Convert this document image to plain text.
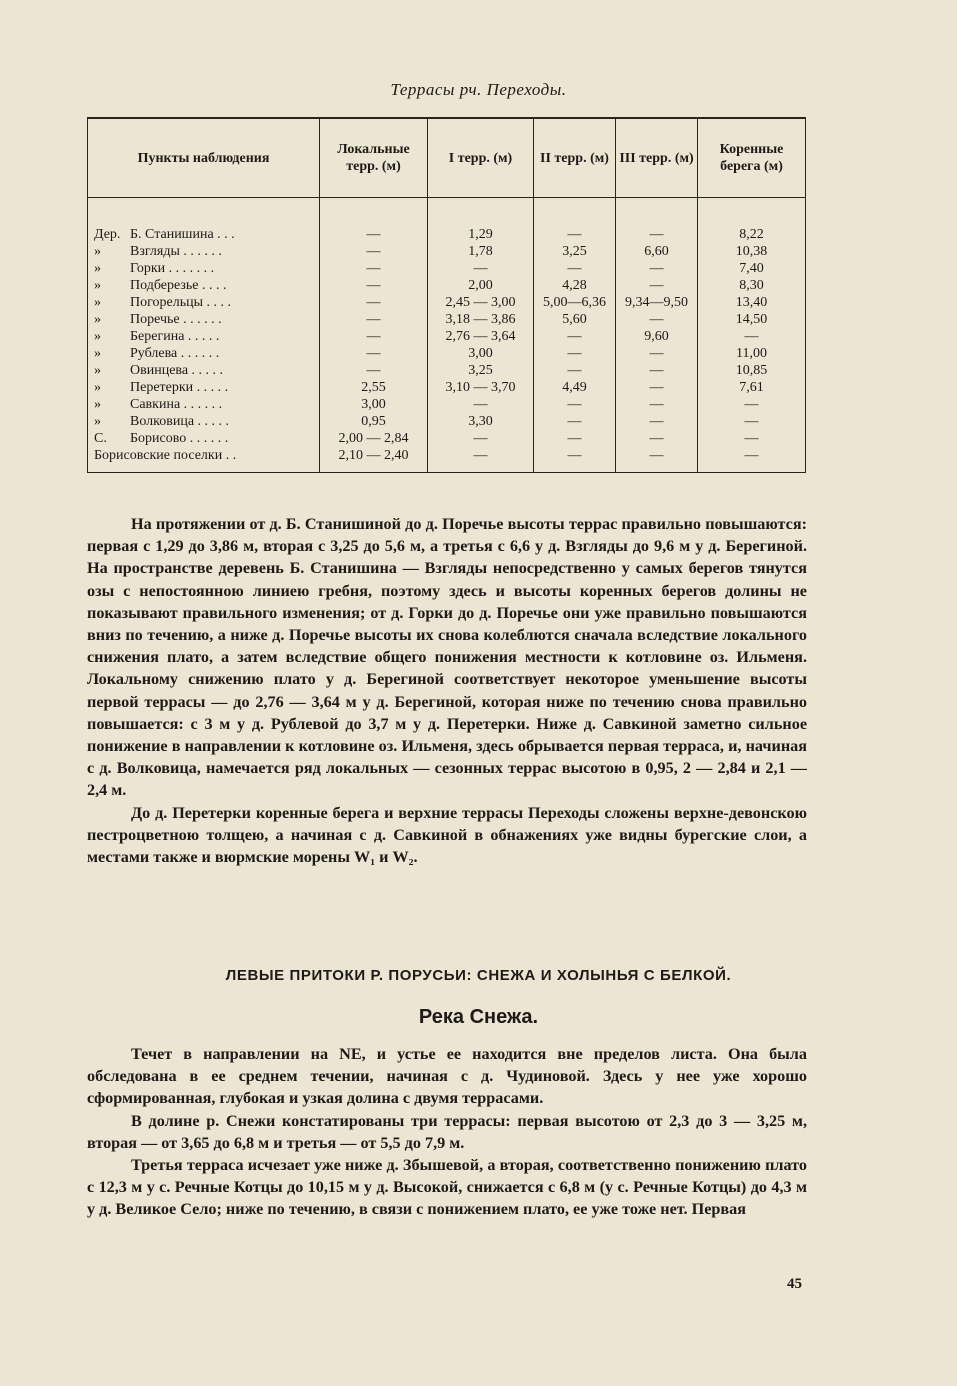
Террасы рч. Переходы.
Пункты наблюдения	Локальные терр. (м)	I терр. (м)	II терр. (м)	III терр. (м)	Коренные берега (м)

Дер. Б. Станишина . . .	—	1,29	—	—	8,22
» Взгляды . . . . . .	—	1,78	3,25	6,60	10,38
» Горки . . . . . . .	—	—	—	—	7,40
» Подберезье . . . .	—	2,00	4,28	—	8,30
» Погорельцы . . . .	—	2,45 — 3,00	5,00—6,36	9,34—9,50	13,40
» Поречье . . . . . .	—	3,18 — 3,86	5,60	—	14,50
» Берегина . . . . .	—	2,76 — 3,64	—	9,60	—
» Рублева . . . . . .	—	3,00	—	—	11,00
» Овинцева . . . . .	—	3,25	—	—	10,85
» Перетерки . . . . .	2,55	3,10 — 3,70	4,49	—	7,61
» Савкина . . . . . .	3,00	—	—	—	—
» Волковица . . . . .	0,95	3,30	—	—	—
С. Борисово . . . . . .	2,00 — 2,84	—	—	—	—
Борисовские поселки . .	2,10 — 2,40	—	—	—	—

На протяжении от д. Б. Станишиной до д. Поречье высоты террас правильно повышаются: первая с 1,29 до 3,86 м, вторая с 3,25 до 5,6 м, а третья с 6,6 у д. Взгляды до 9,6 м у д. Берегиной. На пространстве деревень Б. Станишина — Взгляды непосредственно у самых берегов тянутся озы с непостоянною линиею гребня, поэтому здесь и высоты коренных берегов долины не показывают правильного изменения; от д. Горки до д. Поречье они уже правильно повышаются вниз по течению, а ниже д. Поречье высоты их снова колеблются сначала вследствие локального снижения плато, а затем вследствие общего понижения местности к котловине оз. Ильменя. Локальному снижению плато у д. Берегиной соответствует некоторое уменьшение высоты первой террасы — до 2,76 — 3,64 м у д. Берегиной, которая ниже по течению снова правильно повышается: с 3 м у д. Рублевой до 3,7 м у д. Перетерки. Ниже д. Савкиной заметно сильное понижение в направлении к котловине оз. Ильменя, здесь обрывается первая терраса, и, начиная с д. Волковица, намечается ряд локальных — сезонных террас высотою в 0,95, 2 — 2,84 и 2,1 — 2,4 м.

До д. Перетерки коренные берега и верхние террасы Переходы сложены верхне-девонскою пестроцветною толщею, а начиная с д. Савкиной в обнажениях уже видны бурегские слои, а местами также и вюрмские морены W₁ и W₂.

ЛЕВЫЕ ПРИТОКИ Р. ПОРУСЬИ: СНЕЖА И ХОЛЫНЬЯ С БЕЛКОЙ.
Река Снежа.

Течет в направлении на NE, и устье ее находится вне пределов листа. Она была обследована в ее среднем течении, начиная с д. Чудиновой. Здесь у нее уже хорошо сформированная, глубокая и узкая долина с двумя террасами.

В долине р. Снежи констатированы три террасы: первая высотою от 2,3 до 3 — 3,25 м, вторая — от 3,65 до 6,8 м и третья — от 5,5 до 7,9 м.

Третья терраса исчезает уже ниже д. Збышевой, а вторая, соответственно понижению плато с 12,3 м у с. Речные Котцы до 10,15 м у д. Высокой, снижается с 6,8 м (у с. Речные Котцы) до 4,3 м у д. Великое Село; ниже по течению, в связи с понижением плато, ее уже тоже нет. Первая

45
